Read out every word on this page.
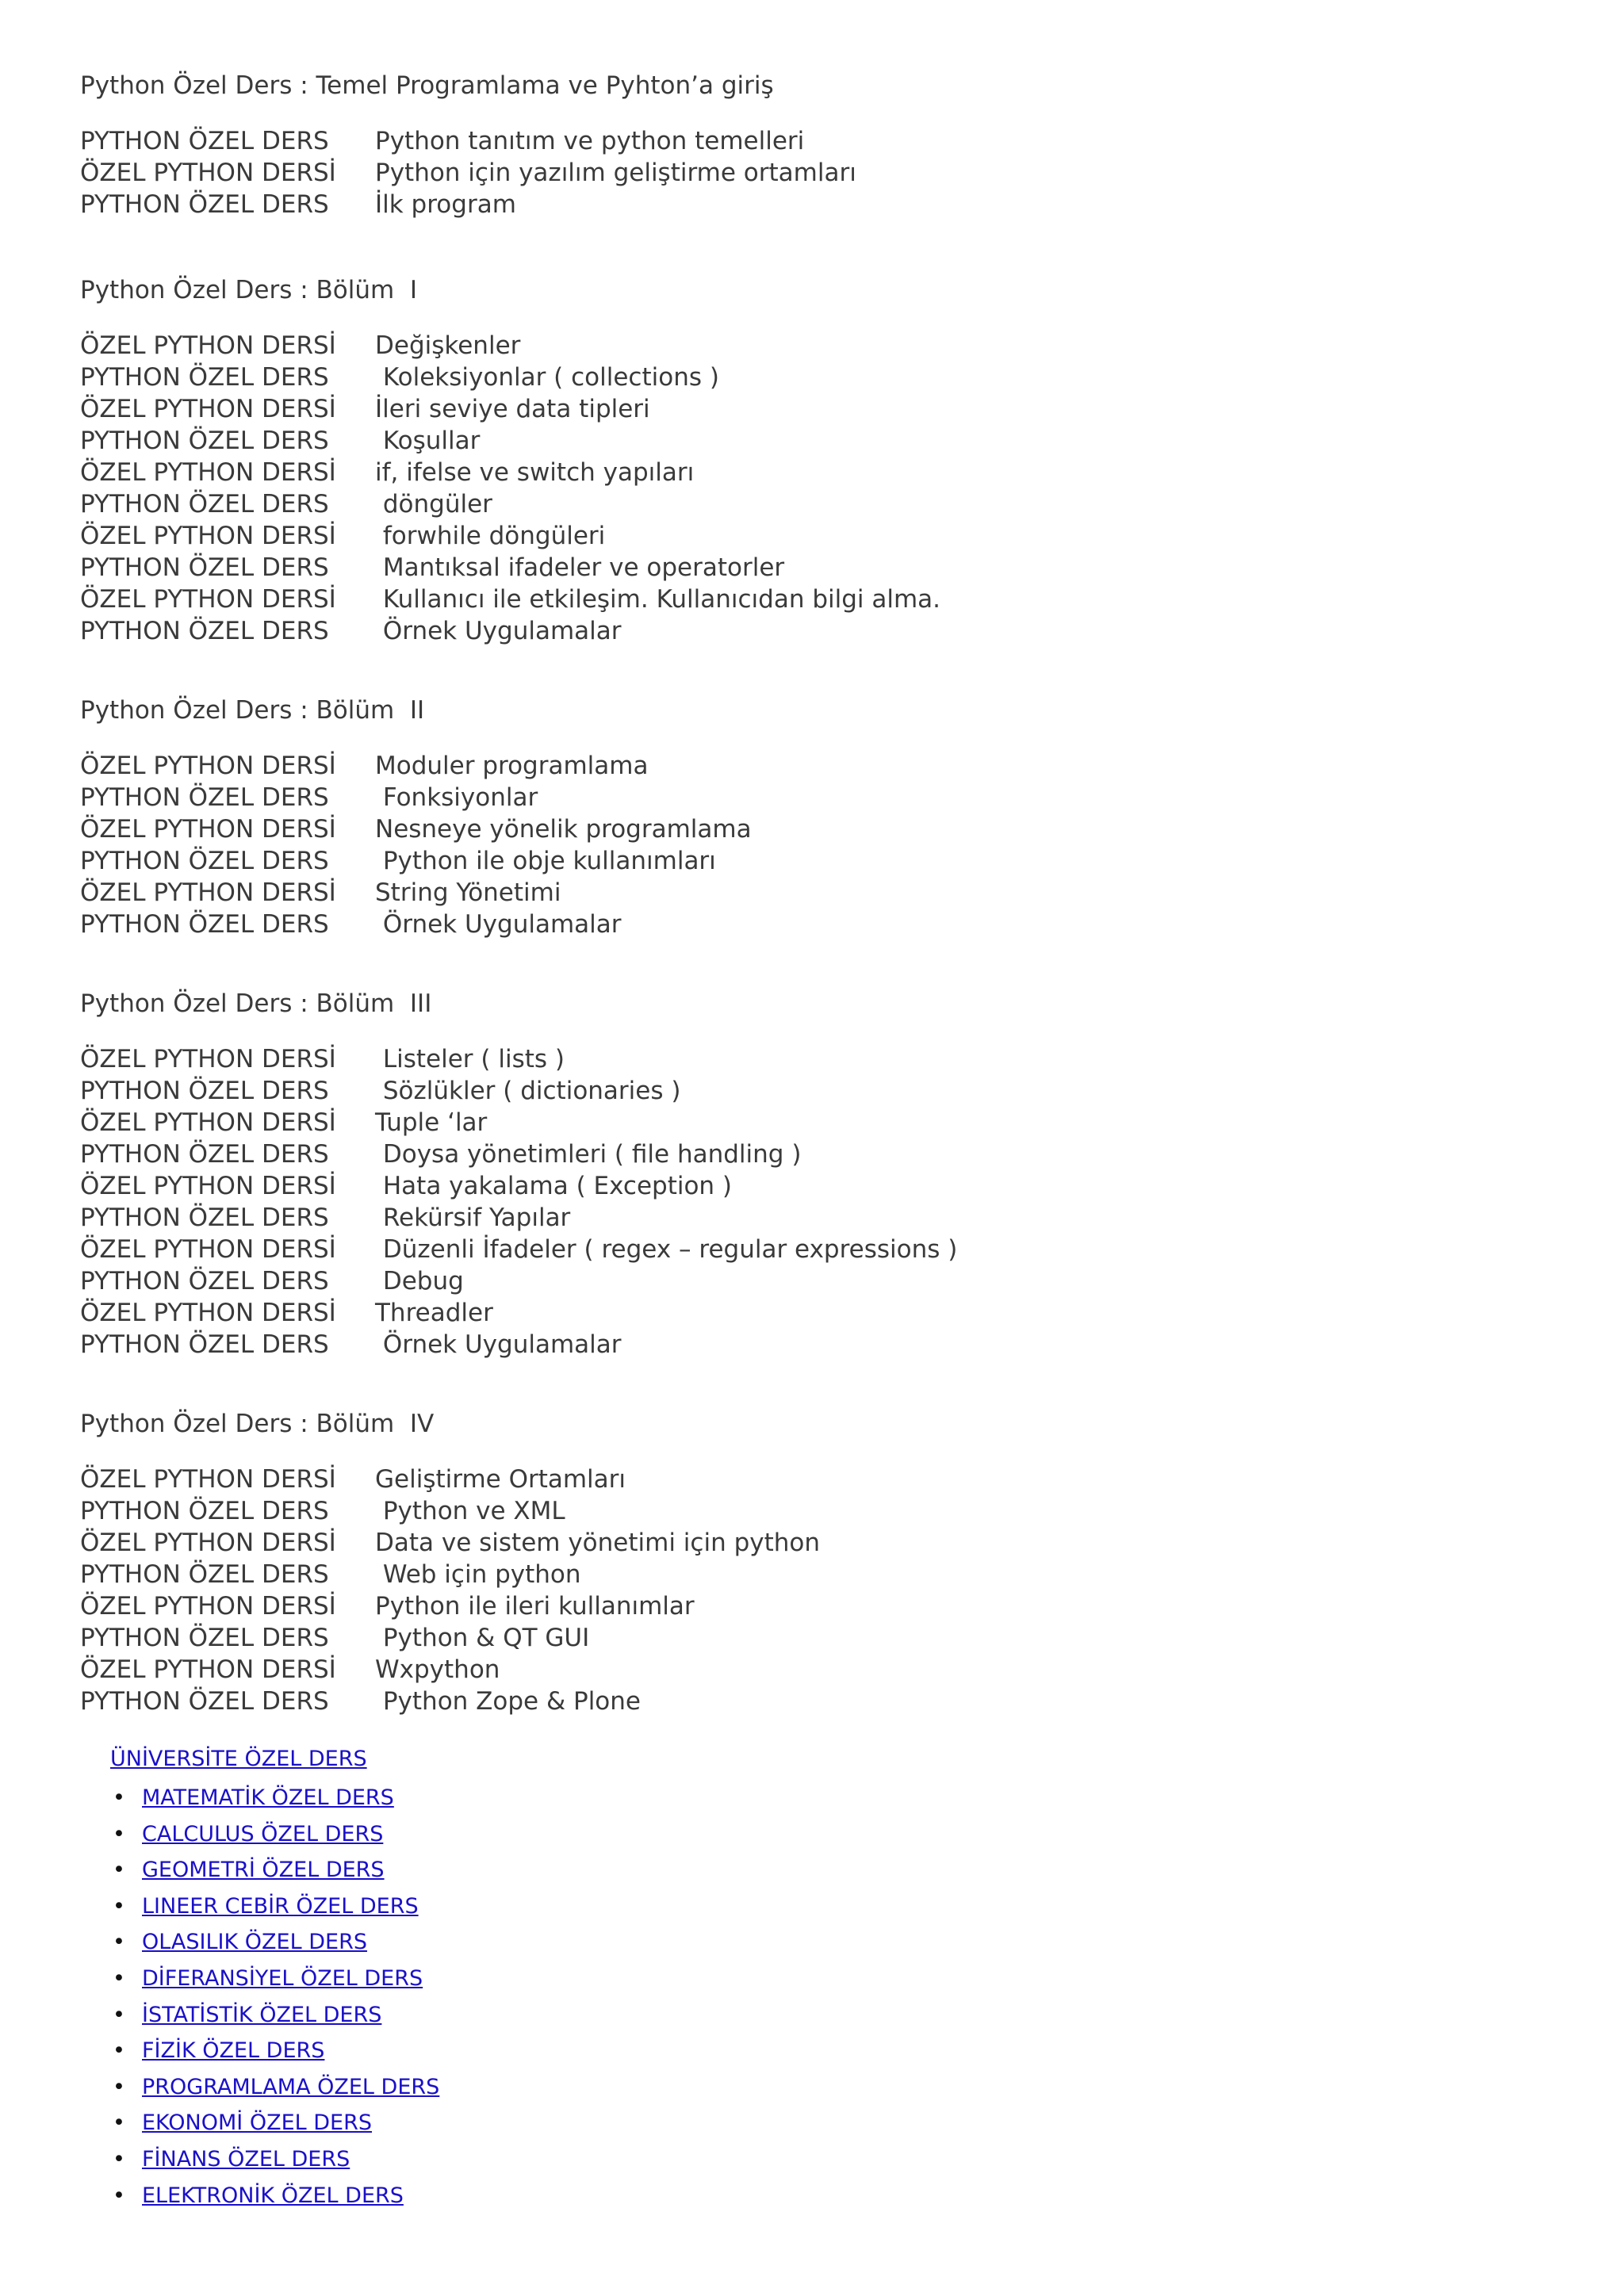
Python Özel Ders : Temel Programlama ve Pyhton’a giriş
PYTHON ÖZEL DERS	Python tanıtım ve python temelleri
ÖZEL PYTHON DERSİ	Python için yazılım geliştirme ortamları
PYTHON ÖZEL DERS	İlk program
Python Özel Ders : Bölüm  I
ÖZEL PYTHON DERSİ	Değişkenler
PYTHON ÖZEL DERS	Koleksiyonlar ( collections )
ÖZEL PYTHON DERSİ	İleri seviye data tipleri
PYTHON ÖZEL DERS	Koşullar
ÖZEL PYTHON DERSİ	if, ifelse ve switch yapıları
PYTHON ÖZEL DERS	döngüler
ÖZEL PYTHON DERSİ	forwhile döngüleri
PYTHON ÖZEL DERS	Mantıksal ifadeler ve operatorler
ÖZEL PYTHON DERSİ	Kullanıcı ile etkileşim. Kullanıcıdan bilgi alma.
PYTHON ÖZEL DERS	Örnek Uygulamalar
Python Özel Ders : Bölüm  II
ÖZEL PYTHON DERSİ	Moduler programlama
PYTHON ÖZEL DERS	Fonksiyonlar
ÖZEL PYTHON DERSİ	Nesneye yönelik programlama
PYTHON ÖZEL DERS	Python ile obje kullanımları
ÖZEL PYTHON DERSİ	String Yönetimi
PYTHON ÖZEL DERS	Örnek Uygulamalar
Python Özel Ders : Bölüm  III
ÖZEL PYTHON DERSİ	Listeler ( lists )
PYTHON ÖZEL DERS	Sözlükler ( dictionaries )
ÖZEL PYTHON DERSİ	Tuple ‘lar
PYTHON ÖZEL DERS	Doysa yönetimleri ( file handling )
ÖZEL PYTHON DERSİ	Hata yakalama ( Exception )
PYTHON ÖZEL DERS	Rekürsif Yapılar
ÖZEL PYTHON DERSİ	Düzenli İfadeler ( regex – regular expressions )
PYTHON ÖZEL DERS	Debug
ÖZEL PYTHON DERSİ	Threadler
PYTHON ÖZEL DERS	Örnek Uygulamalar
Python Özel Ders : Bölüm  IV
ÖZEL PYTHON DERSİ	Geliştirme Ortamları
PYTHON ÖZEL DERS	Python ve XML
ÖZEL PYTHON DERSİ	Data ve sistem yönetimi için python
PYTHON ÖZEL DERS	Web için python
ÖZEL PYTHON DERSİ	Python ile ileri kullanımlar
PYTHON ÖZEL DERS	Python & QT GUI
ÖZEL PYTHON DERSİ	Wxpython
PYTHON ÖZEL DERS	Python Zope & Plone
ÜNİVERSİTE ÖZEL DERS
• MATEMATİK ÖZEL DERS
• CALCULUS ÖZEL DERS
• GEOMETRİ ÖZEL DERS
• LINEER CEBİR ÖZEL DERS
• OLASILIK ÖZEL DERS
• DİFERANSİYEL ÖZEL DERS
• İSTATİSTİK ÖZEL DERS
• FİZİK ÖZEL DERS
• PROGRAMLAMA ÖZEL DERS
• EKONOMİ ÖZEL DERS
• FİNANS ÖZEL DERS
• ELEKTRONİK ÖZEL DERS
